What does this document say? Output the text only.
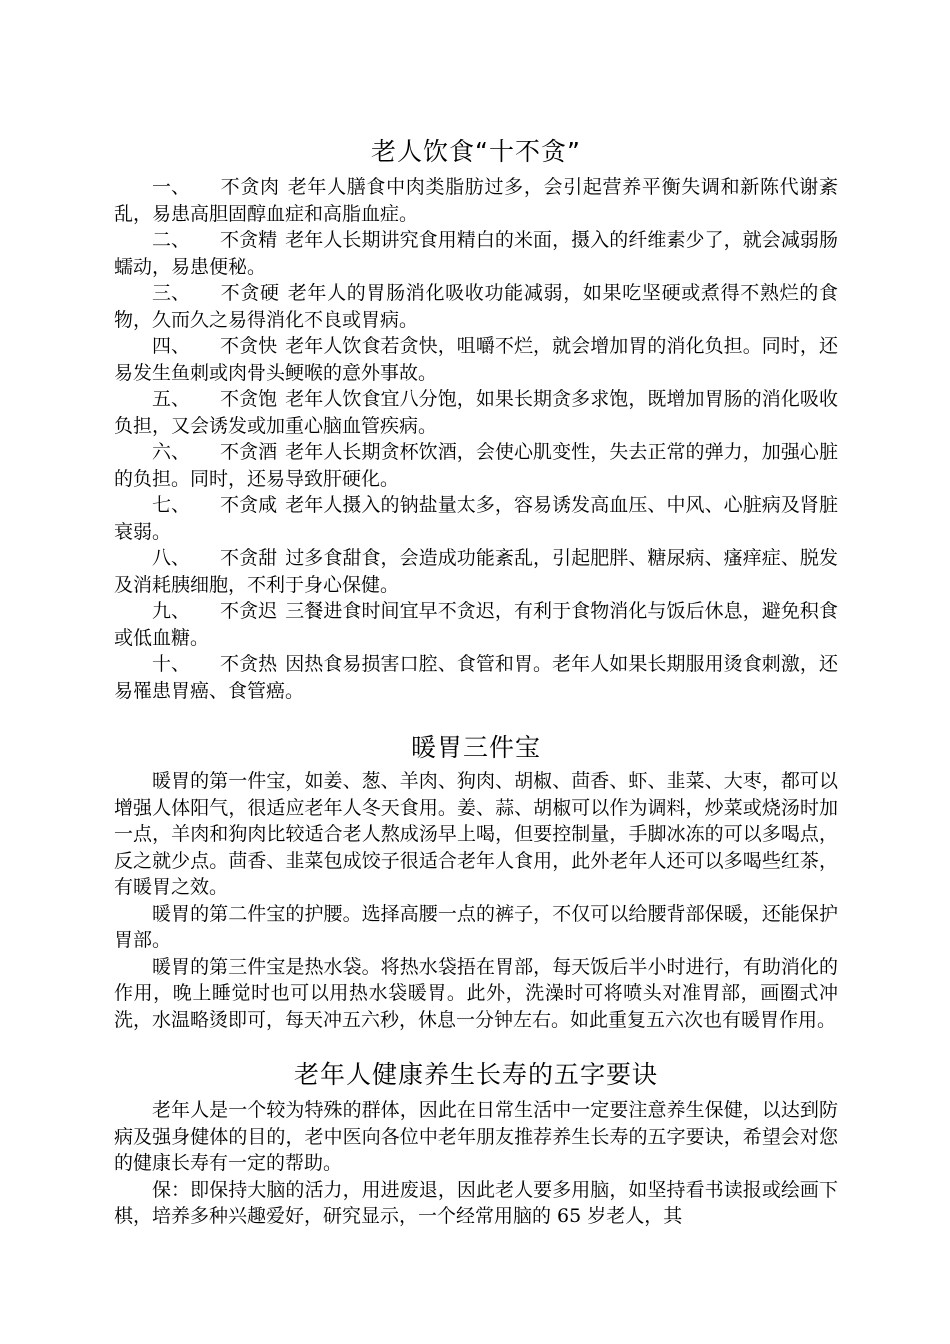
老人饮食“十不贪”

一、 不贪肉 老年人膳食中肉类脂肪过多，会引起营养平衡失调和新陈代谢紊乱，易患高胆固醇血症和高脂血症。

二、 不贪精 老年人长期讲究食用精白的米面，摄入的纤维素少了，就会减弱肠蠕动，易患便秘。

三、 不贪硬 老年人的胃肠消化吸收功能减弱，如果吃坚硬或煮得不熟烂的食物，久而久之易得消化不良或胃病。

四、 不贪快 老年人饮食若贪快，咀嚼不烂，就会增加胃的消化负担。同时，还易发生鱼刺或肉骨头鲠喉的意外事故。

五、 不贪饱 老年人饮食宜八分饱，如果长期贪多求饱，既增加胃肠的消化吸收负担，又会诱发或加重心脑血管疾病。

六、 不贪酒 老年人长期贪杯饮酒，会使心肌变性，失去正常的弹力，加强心脏的负担。同时，还易导致肝硬化。

七、 不贪咸 老年人摄入的钠盐量太多，容易诱发高血压、中风、心脏病及肾脏衰弱。

八、 不贪甜 过多食甜食，会造成功能紊乱，引起肥胖、糖尿病、瘙痒症、脱发及消耗胰细胞，不利于身心保健。

九、 不贪迟 三餐进食时间宜早不贪迟，有利于食物消化与饭后休息，避免积食或低血糖。

十、 不贪热 因热食易损害口腔、食管和胃。老年人如果长期服用烫食刺激，还易罹患胃癌、食管癌。

暖胃三件宝

暖胃的第一件宝，如姜、葱、羊肉、狗肉、胡椒、茴香、虾、韭菜、大枣，都可以增强人体阳气，很适应老年人冬天食用。姜、蒜、胡椒可以作为调料，炒菜或烧汤时加一点，羊肉和狗肉比较适合老人熬成汤早上喝，但要控制量，手脚冰冻的可以多喝点，反之就少点。茴香、韭菜包成饺子很适合老年人食用，此外老年人还可以多喝些红茶，有暖胃之效。

暖胃的第二件宝的护腰。选择高腰一点的裤子，不仅可以给腰背部保暖，还能保护胃部。

暖胃的第三件宝是热水袋。将热水袋捂在胃部，每天饭后半小时进行，有助消化的作用，晚上睡觉时也可以用热水袋暖胃。此外，洗澡时可将喷头对准胃部，画圈式冲洗，水温略烫即可，每天冲五六秒，休息一分钟左右。如此重复五六次也有暖胃作用。

老年人健康养生长寿的五字要诀

老年人是一个较为特殊的群体，因此在日常生活中一定要注意养生保健，以达到防病及强身健体的目的，老中医向各位中老年朋友推荐养生长寿的五字要诀，希望会对您的健康长寿有一定的帮助。

保：即保持大脑的活力，用进废退，因此老人要多用脑，如坚持看书读报或绘画下棋，培养多种兴趣爱好，研究显示，一个经常用脑的 65 岁老人，其
